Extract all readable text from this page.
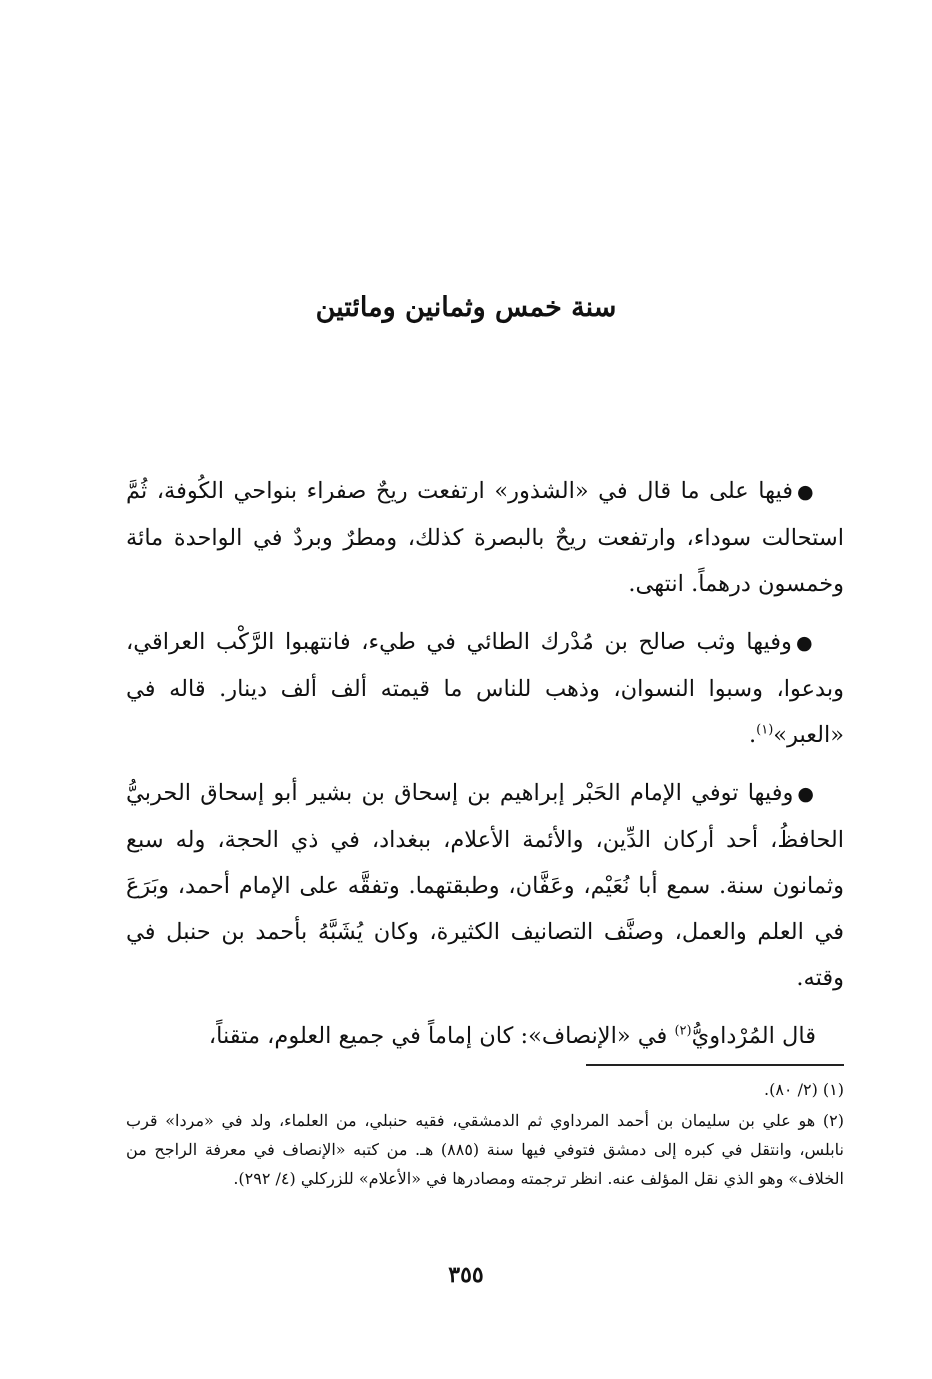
سنة خمس وثمانين ومائتين

●فيها على ما قال في «الشذور» ارتفعت ريحٌ صفراء بنواحي الكُوفة، ثُمَّ استحالت سوداء، وارتفعت ريحٌ بالبصرة كذلك، ومطرٌ وبردٌ في الواحدة مائة وخمسون درهماً. انتهى.

●وفيها وثب صالح بن مُدْرك الطائي في طيء، فانتهبوا الرَّكْب العراقي، وبدعوا، وسبوا النسوان، وذهب للناس ما قيمته ألف ألف دينار. قاله في «العبر»$^{(١)}$.

●وفيها توفي الإمام الحَبْر إبراهيم بن إسحاق بن بشير أبو إسحاق الحربيُّ الحافظُ، أحد أركان الدِّين، والأئمة الأعلام، ببغداد، في ذي الحجة، وله سبع وثمانون سنة. سمع أبا نُعَيْم، وعَفَّان، وطبقتهما. وتفقَّه على الإمام أحمد، وبَرَعَ في العلم والعمل، وصنَّف التصانيف الكثيرة، وكان يُشَبَّهُ بأحمد بن حنبل في وقته.

قال المُرْداويُّ$^{(٢)}$ في «الإنصاف»: كان إماماً في جميع العلوم، متقناً،

(١) (٢/ ٨٠).
(٢) هو علي بن سليمان بن أحمد المرداوي ثم الدمشقي، فقيه حنبلي، من العلماء، ولد في «مردا» قرب نابلس، وانتقل في كبره إلى دمشق فتوفي فيها سنة (٨٨٥) هـ. من كتبه «الإنصاف في معرفة الراجح من الخلاف» وهو الذي نقل المؤلف عنه. انظر ترجمته ومصادرها في «الأعلام» للزركلي (٤/ ٢٩٢).
٣٥٥
